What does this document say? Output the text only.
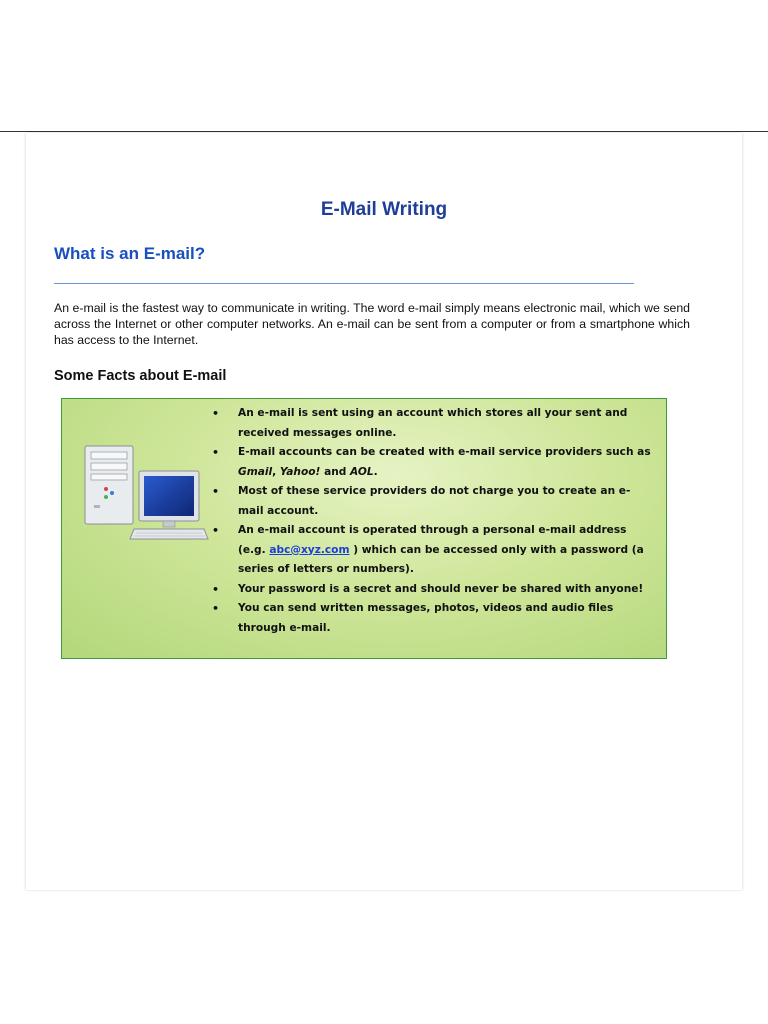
E-Mail Writing
What is an E-mail?

An e-mail is the fastest way to communicate in writing. The word e-mail simply means electronic mail, which we send across the Internet or other computer networks. An e-mail can be sent from a computer or from a smartphone which has access to the Internet.

Some Facts about E-mail
• An e-mail is sent using an account which stores all your sent and received messages online.
• E-mail accounts can be created with e-mail service providers such as Gmail, Yahoo! and AOL.
• Most of these service providers do not charge you to create an e-mail account.
• An e-mail account is operated through a personal e-mail address (e.g. abc@xyz.com ) which can be accessed only with a password (a series of letters or numbers).
• Your password is a secret and should never be shared with anyone!
• You can send written messages, photos, videos and audio files through e-mail.
